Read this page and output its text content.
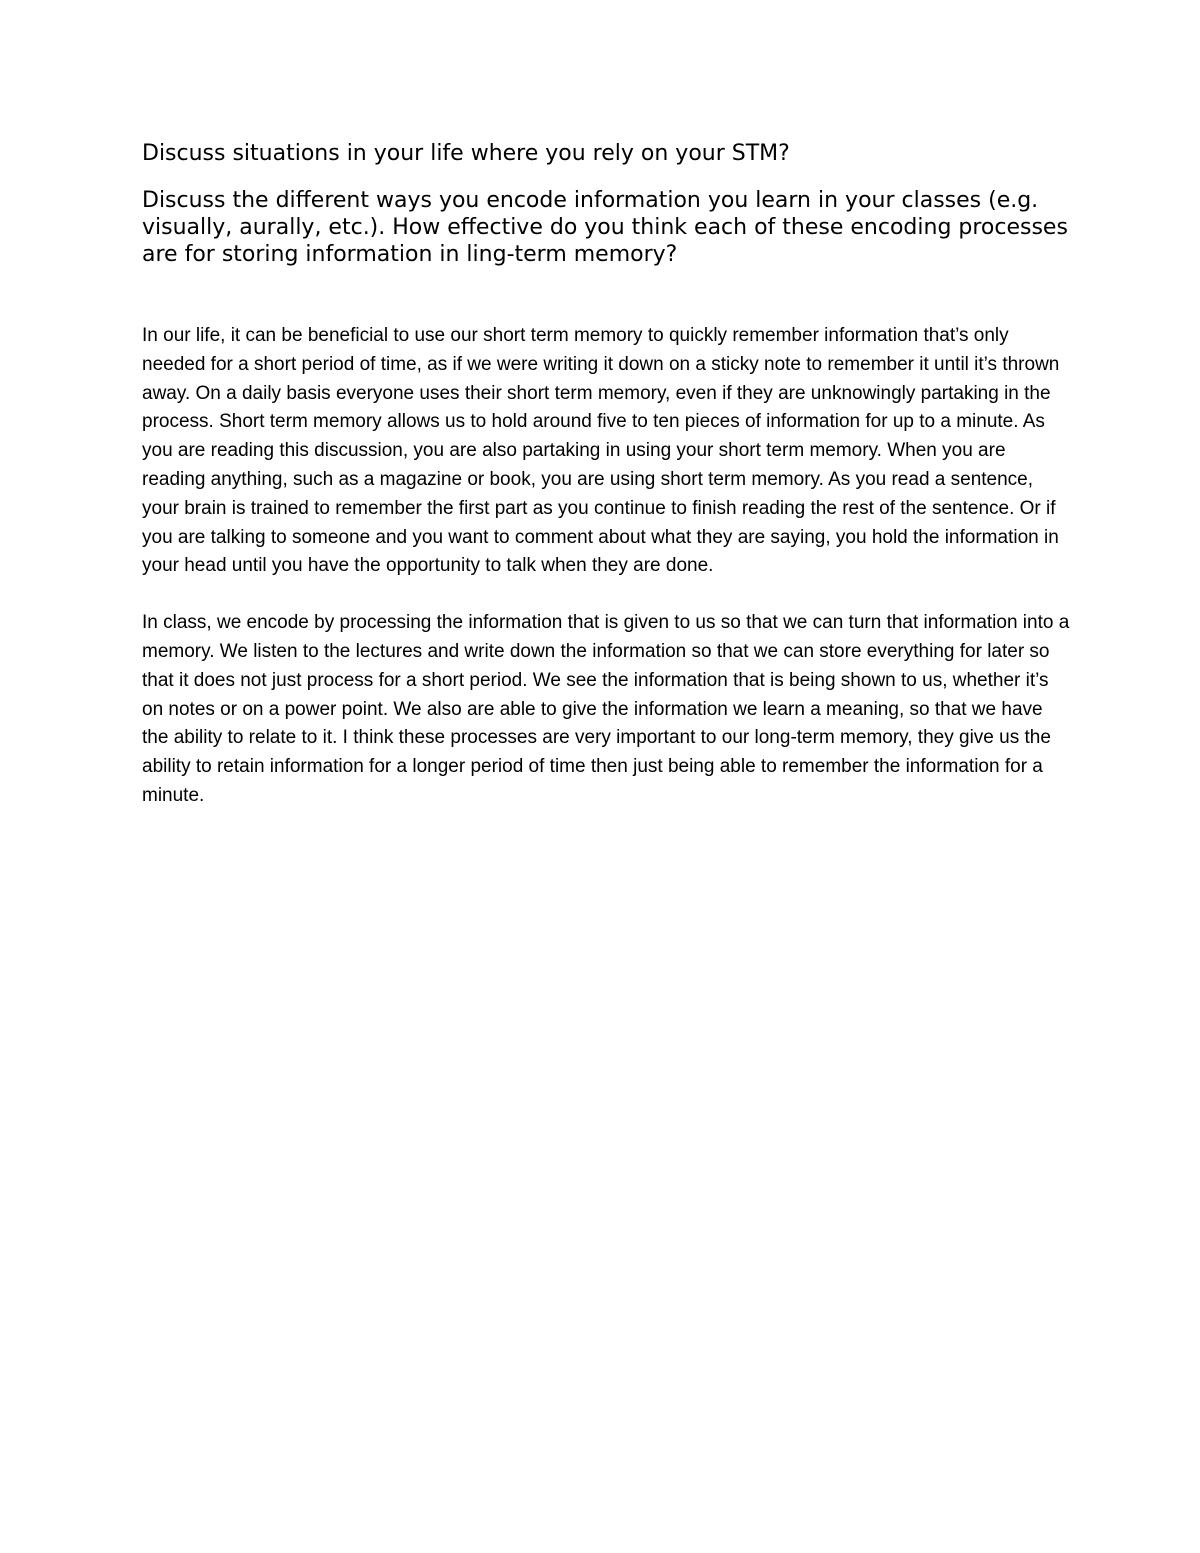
Discuss situations in your life where you rely on your STM?

Discuss the different ways you encode information you learn in your classes (e.g. visually, aurally, etc.). How effective do you think each of these encoding processes are for storing information in ling-term memory?

In our life, it can be beneficial to use our short term memory to quickly remember information that’s only needed for a short period of time, as if we were writing it down on a sticky note to remember it until it’s thrown away. On a daily basis everyone uses their short term memory, even if they are unknowingly partaking in the process. Short term memory allows us to hold around five to ten pieces of information for up to a minute. As you are reading this discussion, you are also partaking in using your short term memory. When you are reading anything, such as a magazine or book, you are using short term memory. As you read a sentence, your brain is trained to remember the first part as you continue to finish reading the rest of the sentence. Or if you are talking to someone and you want to comment about what they are saying, you hold the information in your head until you have the opportunity to talk when they are done.

In class, we encode by processing the information that is given to us so that we can turn that information into a memory. We listen to the lectures and write down the information so that we can store everything for later so that it does not just process for a short period. We see the information that is being shown to us, whether it’s on notes or on a power point. We also are able to give the information we learn a meaning, so that we have the ability to relate to it. I think these processes are very important to our long-term memory, they give us the ability to retain information for a longer period of time then just being able to remember the information for a minute.
